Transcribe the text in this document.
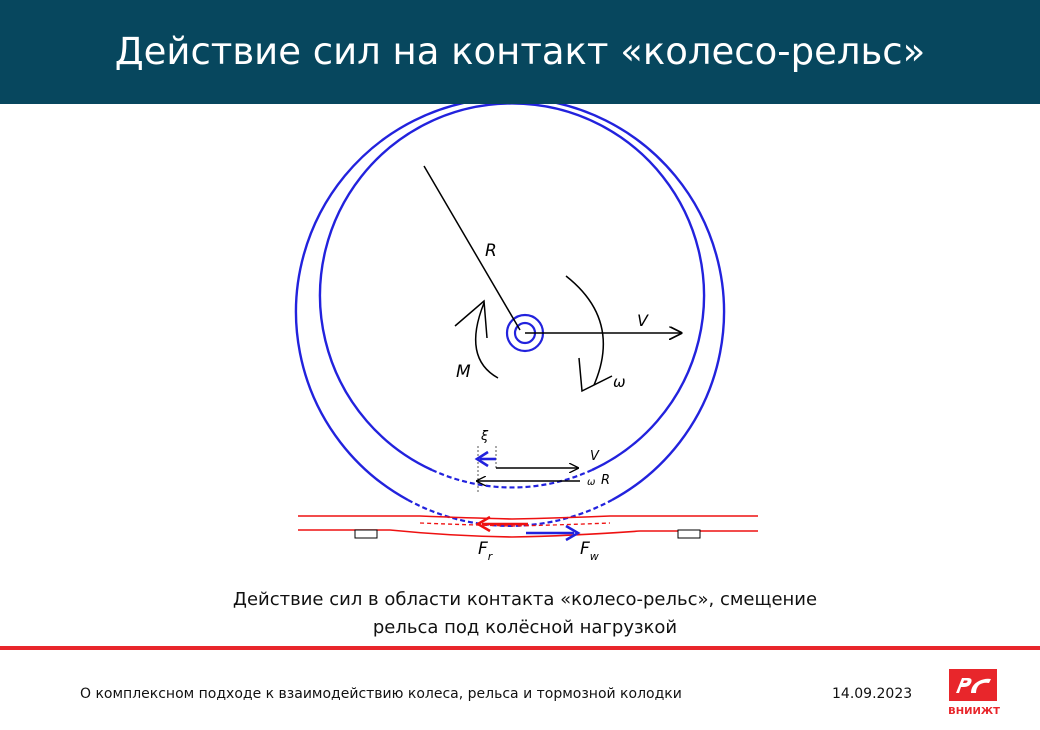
Действие сил на контакт «колесо-рельс»
R
V
ω
M
ξ
V
ω R
$F_r$	$F_w$
Действие сил в области контакта «колесо-рельс», смещение
рельса под колёсной нагрузкой
О комплексном подходе к взаимодействию колеса, рельса и тормозной колодки	14.09.2023
ВНИИЖТ
